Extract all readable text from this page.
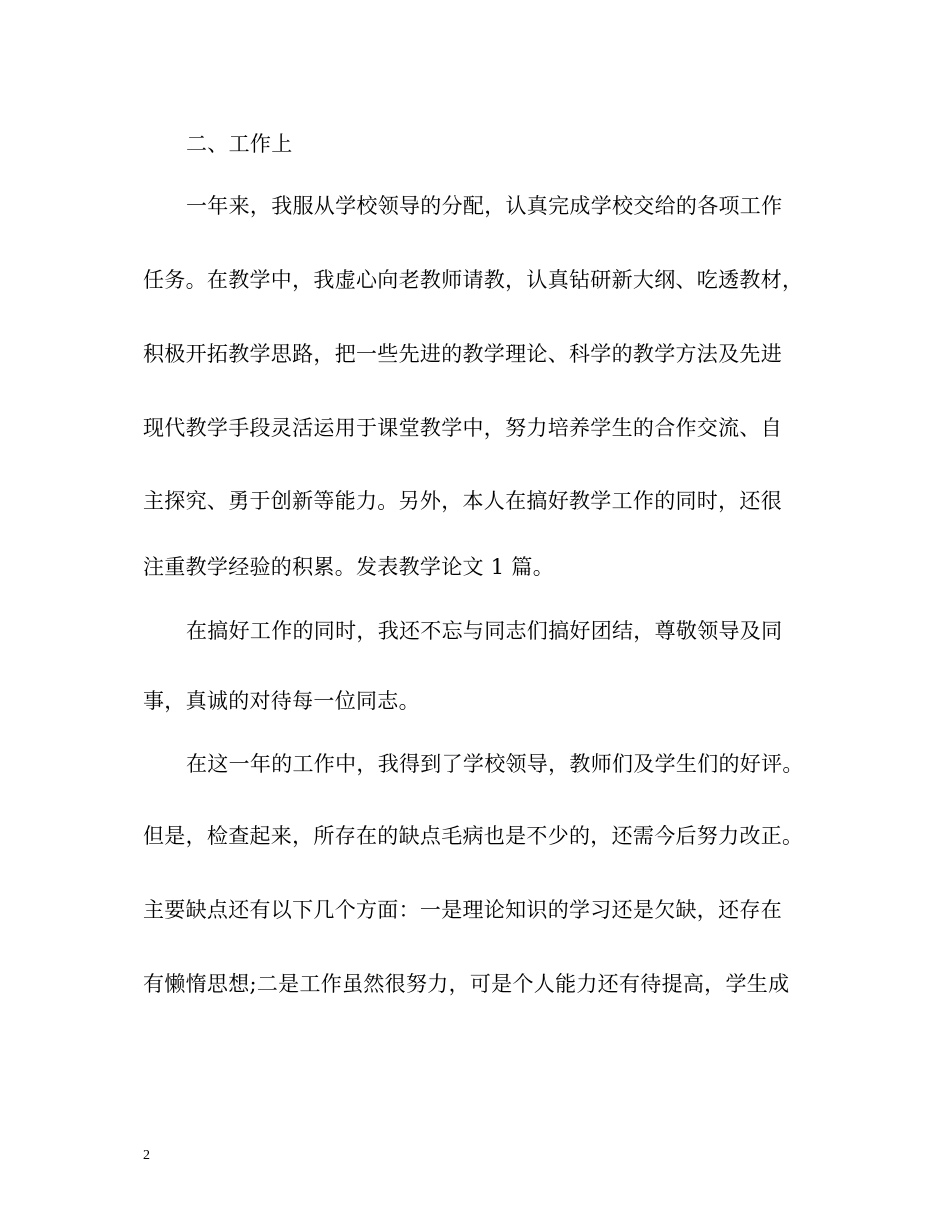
二、工作上
一年来，我服从学校领导的分配，认真完成学校交给的各项工作
任务。在教学中，我虚心向老教师请教，认真钻研新大纲、吃透教材，
积极开拓教学思路，把一些先进的教学理论、科学的教学方法及先进
现代教学手段灵活运用于课堂教学中，努力培养学生的合作交流、自
主探究、勇于创新等能力。另外，本人在搞好教学工作的同时，还很
注重教学经验的积累。发表教学论文 1 篇。
在搞好工作的同时，我还不忘与同志们搞好团结，尊敬领导及同
事，真诚的对待每一位同志。
在这一年的工作中，我得到了学校领导，教师们及学生们的好评。
但是，检查起来，所存在的缺点毛病也是不少的，还需今后努力改正。
主要缺点还有以下几个方面：一是理论知识的学习还是欠缺，还存在
有懒惰思想;二是工作虽然很努力，可是个人能力还有待提高，学生成
2
